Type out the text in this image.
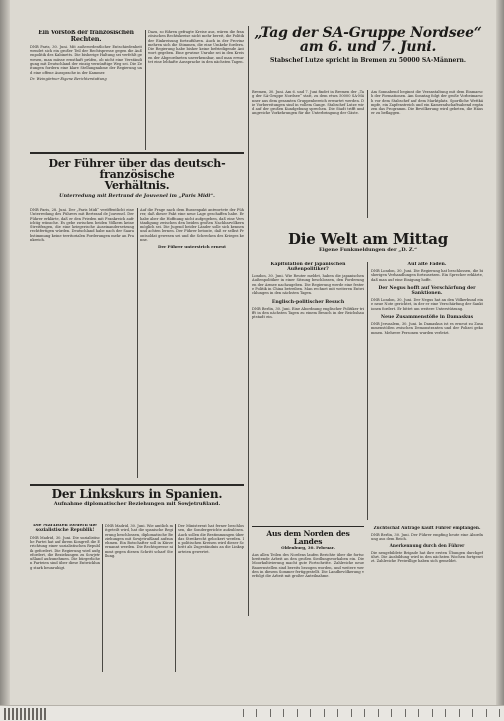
Ein Vorstoß der französischen
Rechten.
DNB Paris, 30. Juni. Mit außerordentlicher Entschiedenheit wendet sich ein großer Teil der Rechtspresse gegen die Außenpolitik des Kabinetts. Die bisherige Haltung sei verfehlt gewesen, man müsse ernsthaft prüfen, ob nicht eine Verständigung mit Deutschland der einzig vernünftige Weg sei. Die Zeitungen fordern eine klare Stellungnahme der Regierung und eine offene Aussprache in der Kammer.
Dr. Weingärtner Eigene Berichterstattung
Dazu, so führen gefragte Kreise aus, wären die französischen Rechtskreise nicht mehr bereit, die Politik der Einkreisung fortzuführen. Auch in der Provinz mehren sich die Stimmen, die eine Umkehr fordern. Die Regierung habe bisher keine befriedigende Antwort gegeben. Eine gewisse Unruhe sei in den Kreisen der Abgeordneten unverkennbar, und man erwartet eine lebhafte Aussprache in den nächsten Tagen.
„Tag der SA-Gruppe Nordsee“
am 6. und 7. Juni.
Stabschef Lutze spricht in Bremen zu 50000 SA-Männern.
Bremen, 30. Juni. Am 6. und 7. Juni findet in Bremen der „Tag der SA-Gruppe Nordsee“ statt, zu dem etwa 50000 SA-Männer aus dem gesamten Gruppenbereich erwartet werden. Die Vorbereitungen sind in vollem Gange. Stabschef Lutze wird auf der großen Kundgebung sprechen. Die Stadt trifft umfangreiche Vorkehrungen für die Unterbringung der Gäste.
Am Sonnabend beginnt die Veranstaltung mit dem Einmarsch der Formationen. Am Sonntag folgt der große Vorbeimarsch vor dem Stabschef auf dem Marktplatz. Sportliche Wettkämpfe, ein Zapfenstreich und ein Kameradschaftsabend ergänzen das Programm. Die Bevölkerung wird gebeten, die Häuser zu beflaggen.
Der Führer über das deutsch-französische
Verhältnis.
Unterredung mit Bertrand de Jouvenel im „Paris Midi“.
DNB Paris, 28. Juni. Der „Paris Midi“ veröffentlicht eine Unterredung des Führers mit Bertrand de Jouvenel. Der Führer erklärte, daß er den Frieden mit Frankreich aufrichtig wünsche. Es gebe zwischen beiden Völkern keine Streitfragen, die eine kriegerische Auseinandersetzung rechtfertigen würden. Deutschland habe nach der Saarabstimmung keine territorialen Forderungen mehr an Frankreich.
Auf die Frage nach dem Russenpakt antwortete der Führer, daß dieser Pakt eine neue Lage geschaffen habe. Er habe aber die Hoffnung nicht aufgegeben, daß eine Verständigung zwischen den beiden großen Nachbarvölkern möglich sei. Die Jugend beider Länder solle sich kennen und achten lernen. Der Führer betonte, daß er selbst Frontsoldat gewesen sei und die Schrecken des Krieges kenne.
Der Führer unterstrich erneut	Die Welt am Mittag
Eigene Funkmeldungen der „D. Z.“
Kapitulation der japanischen Außenpolitiker?
London, 30. Juni. Wie Reuter meldet, haben die japanischen Außenpolitiker in einer Sitzung beschlossen, den Forderungen der Armee nachzugeben. Die Regierung werde eine festere Politik in China betreiben. Man rechnet mit weiteren Entwicklungen in den nächsten Tagen.
Englisch-politischer Besuch
DNB Berlin, 30. Juni. Eine Abordnung englischer Politiker trifft in den nächsten Tagen zu einem Besuch in der Reichshauptstadt ein.
Auf alte Faden.
DNB London, 30. Juni. Die Regierung hat beschlossen, die bisherigen Verhandlungen fortzusetzen. Ein Sprecher erklärte, daß man auf eine Einigung hoffe.
Der Negus hofft auf Verschärfung der Sanktionen.
DNB London, 30. Juni. Der Negus hat an den Völkerbund eine neue Note gerichtet, in der er eine Verschärfung der Sanktionen fordert. Er bittet um weitere Unterstützung.
Neue Zusammenstöße in Damaskus
DNB Jerusalem, 30. Juni. In Damaskus ist es erneut zu Zusammenstößen zwischen Demonstranten und der Polizei gekommen. Mehrere Personen wurden verletzt.
Aus dem Norden des Landes
Oldenburg, 30. Februar.
Aus allen Teilen des Nordens laufen Berichte über die fortschreitende Arbeit an den großen Siedlungsvorhaben ein. Die Moorkultivierung macht gute Fortschritte. Zahlreiche neue Bauernstellen sind bereits bezogen worden, und weitere werden in diesem Sommer fertiggestellt. Die Landbevölkerung verfolgt die Arbeit mit großer Anteilnahme.
Zuchtschaf Anträge kauft Führer empfangen.
DNB Berlin, 30. Juni. Der Führer empfing heute eine Abordnung aus dem Reich.
Anerkennung durch den Führer
Die neugebildete Brigade hat ihre ersten Übungen durchgeführt. Die Ausbildung wird in den nächsten Wochen fortgesetzt. Zahlreiche Freiwillige haben sich gemeldet.
Der Linkskurs in Spanien.
Aufnahme diplomatischer Beziehungen mit Sowjetrußland.
Die Marxisten fordern die sozialistische Republik!
DNB Madrid, 30. Juni. Die sozialistische Partei hat auf ihrem Kongreß die Errichtung einer sozialistischen Republik gefordert. Die Regierung wird aufgefordert, die Beziehungen zu Sowjetrußland aufzunehmen. Die bürgerlichen Parteien sind über diese Entwicklung stark beunruhigt.
DNB Madrid, 30. Juni. Wie amtlich mitgeteilt wird, hat die spanische Regierung beschlossen, diplomatische Beziehungen mit Sowjetrußland aufzunehmen. Ein Botschafter soll in Kürze ernannt werden. Die Rechtspresse nimmt gegen diesen Schritt scharf Stellung.
Der Ministerrat hat ferner beschlossen, die Sondergerichte aufzulösen. Auch sollen die Bestimmungen über das Streikrecht gelockert werden. In politischen Kreisen wird dieser Schritt als Zugeständnis an die Linksparteien gewertet.
